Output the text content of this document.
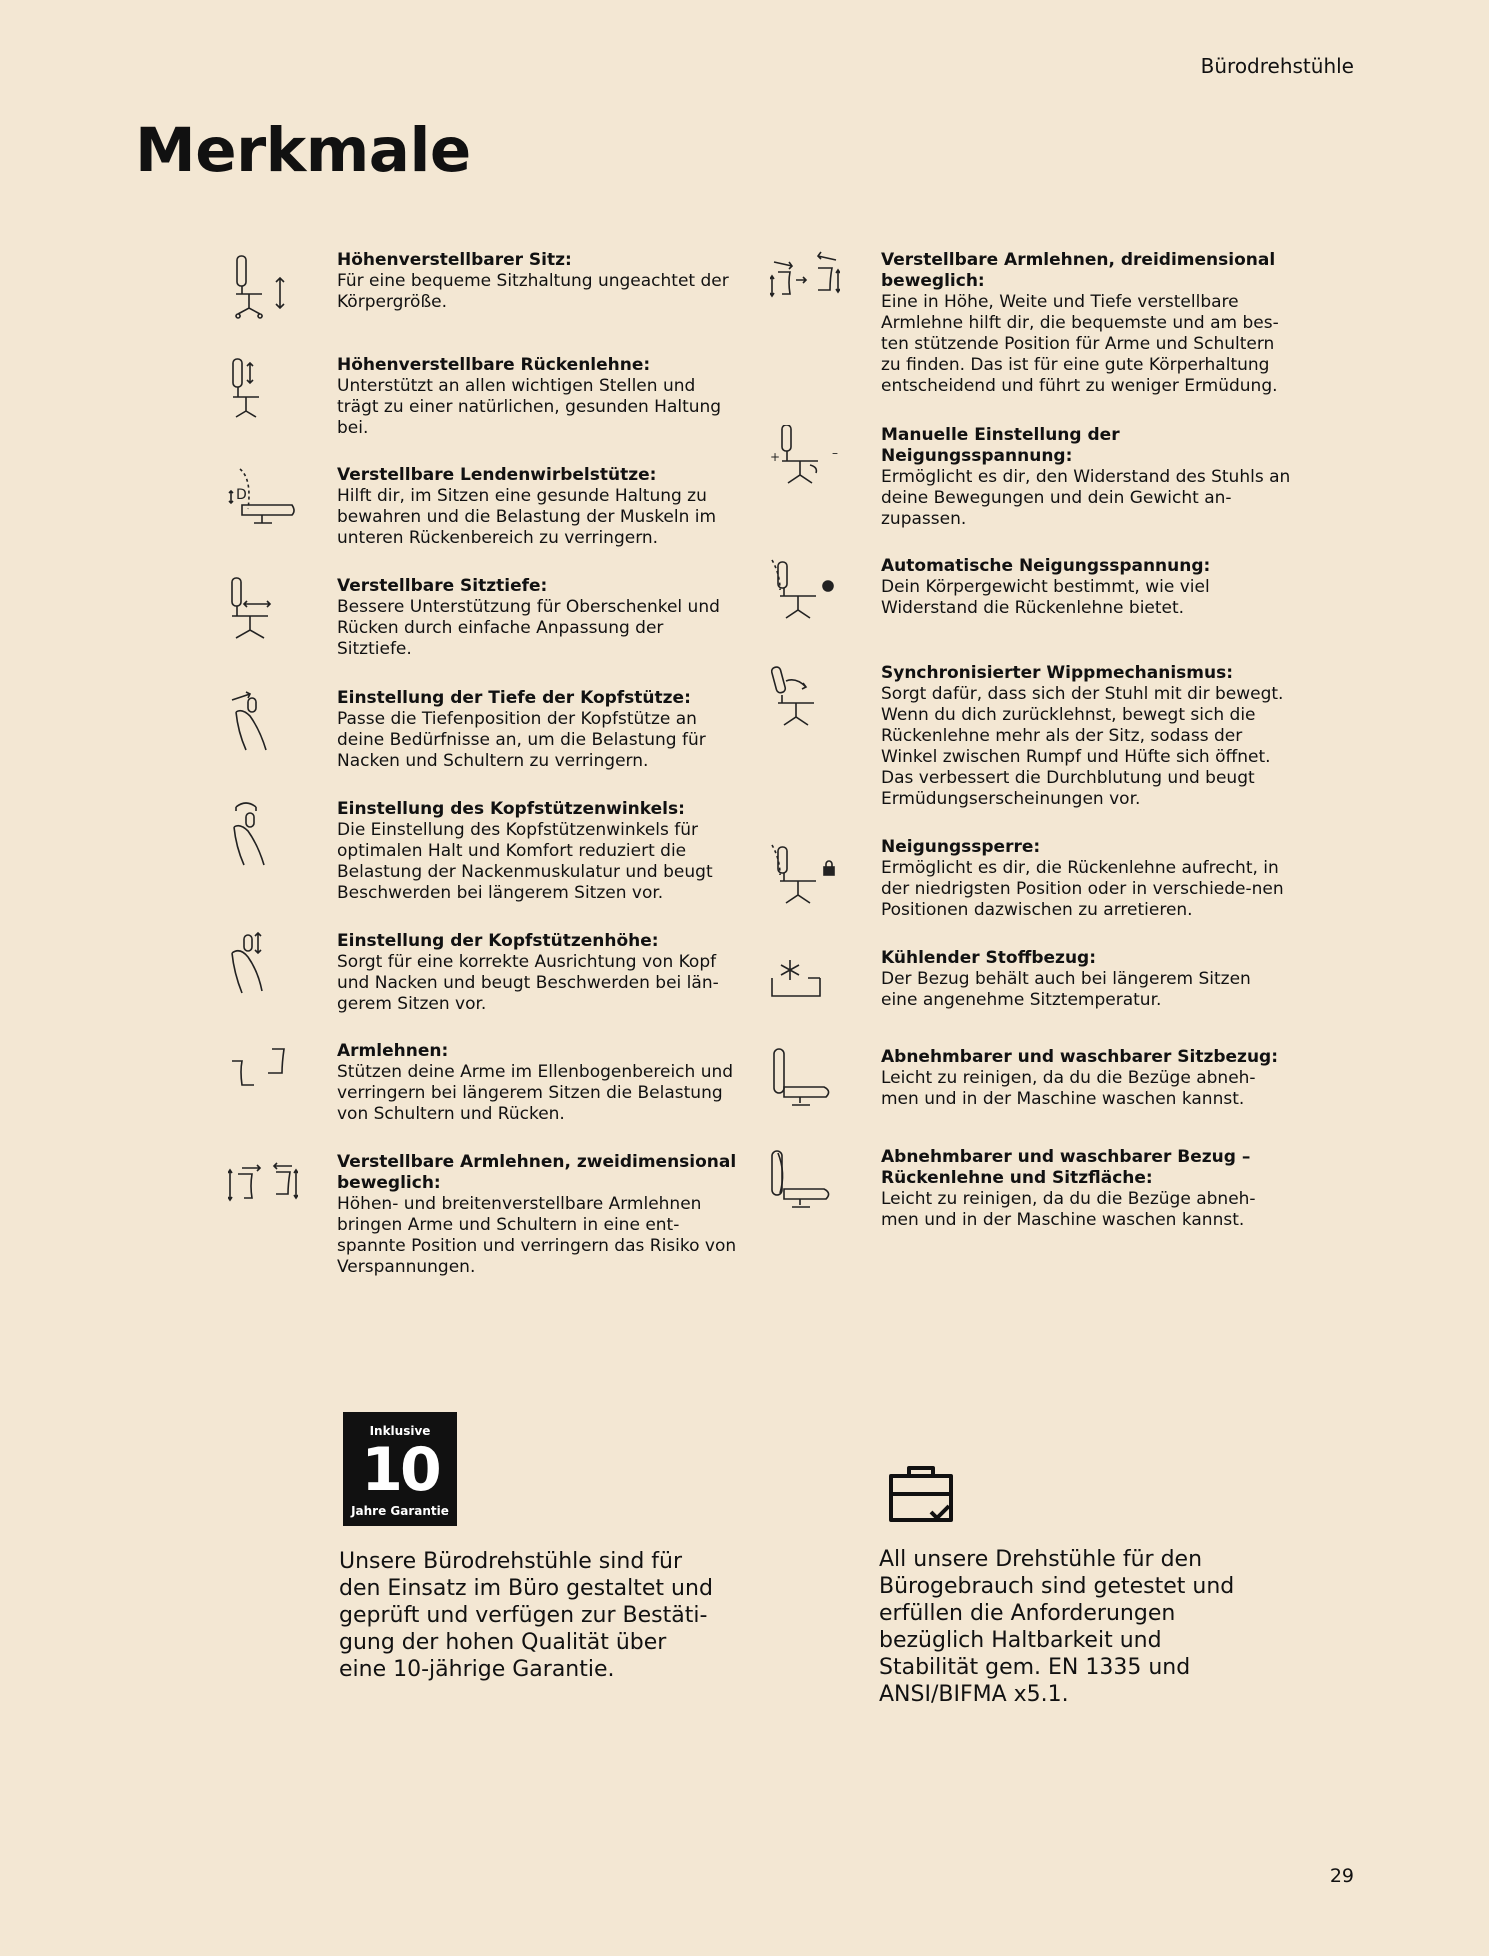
Bürodrehstühle
Merkmale
Höhenverstellbarer Sitz:
Für eine bequeme Sitzhaltung ungeachtet der Körpergröße.
Höhenverstellbare Rückenlehne:
Unterstützt an allen wichtigen Stellen und trägt zu einer natürlichen, gesunden Haltung bei.
D
Verstellbare Lendenwirbelstütze:
Hilft dir, im Sitzen eine gesunde Haltung zu bewahren und die Belastung der Muskeln im unteren Rückenbereich zu verringern.
Verstellbare Sitztiefe:
Bessere Unterstützung für Oberschenkel und Rücken durch einfache Anpassung der Sitztiefe.
Einstellung der Tiefe der Kopfstütze:
Passe die Tiefenposition der Kopfstütze an deine Bedürfnisse an, um die Belastung für Nacken und Schultern zu verringern.
Einstellung des Kopfstützenwinkels:
Die Einstellung des Kopfstützenwinkels für optimalen Halt und Komfort reduziert die Belastung der Nackenmuskulatur und beugt Beschwerden bei längerem Sitzen vor.
Einstellung der Kopfstützenhöhe:
Sorgt für eine korrekte Ausrichtung von Kopf und Nacken und beugt Beschwerden bei län-gerem Sitzen vor.
Armlehnen:
Stützen deine Arme im Ellenbogenbereich und verringern bei längerem Sitzen die Belastung von Schultern und Rücken.
Verstellbare Armlehnen, zweidimensional beweglich:
Höhen- und breitenverstellbare Armlehnen bringen Arme und Schultern in eine ent-spannte Position und verringern das Risiko von Verspannungen.
Verstellbare Armlehnen, dreidimensional beweglich:
Eine in Höhe, Weite und Tiefe verstellbare Armlehne hilft dir, die bequemste und am bes-ten stützende Position für Arme und Schultern zu finden. Das ist für eine gute Körperhaltung entscheidend und führt zu weniger Ermüdung.
+	–
Manuelle Einstellung der Neigungsspannung:
Ermöglicht es dir, den Widerstand des Stuhls an deine Bewegungen und dein Gewicht an-zupassen.
Automatische Neigungsspannung:
Dein Körpergewicht bestimmt, wie viel Widerstand die Rückenlehne bietet.
Synchronisierter Wippmechanismus:
Sorgt dafür, dass sich der Stuhl mit dir bewegt. Wenn du dich zurücklehnst, bewegt sich die Rückenlehne mehr als der Sitz, sodass der Winkel zwischen Rumpf und Hüfte sich öffnet. Das verbessert die Durchblutung und beugt Ermüdungserscheinungen vor.
Neigungssperre:
Ermöglicht es dir, die Rückenlehne aufrecht, in der niedrigsten Position oder in verschiede-nen Positionen dazwischen zu arretieren.
Kühlender Stoffbezug:
Der Bezug behält auch bei längerem Sitzen eine angenehme Sitztemperatur.
Abnehmbarer und waschbarer Sitzbezug:
Leicht zu reinigen, da du die Bezüge abneh-men und in der Maschine waschen kannst.
Abnehmbarer und waschbarer Bezug – Rückenlehne und Sitzfläche:
Leicht zu reinigen, da du die Bezüge abneh-men und in der Maschine waschen kannst.
Inklusive
10
Jahre Garantie
Unsere Bürodrehstühle sind für den Einsatz im Büro gestaltet und geprüft und verfügen zur Bestäti-gung der hohen Qualität über eine 10-jährige Garantie.
All unsere Drehstühle für den Bürogebrauch sind getestet und erfüllen die Anforderungen bezüglich Haltbarkeit und Stabilität gem. EN 1335 und ANSI/BIFMA x5.1.
29
